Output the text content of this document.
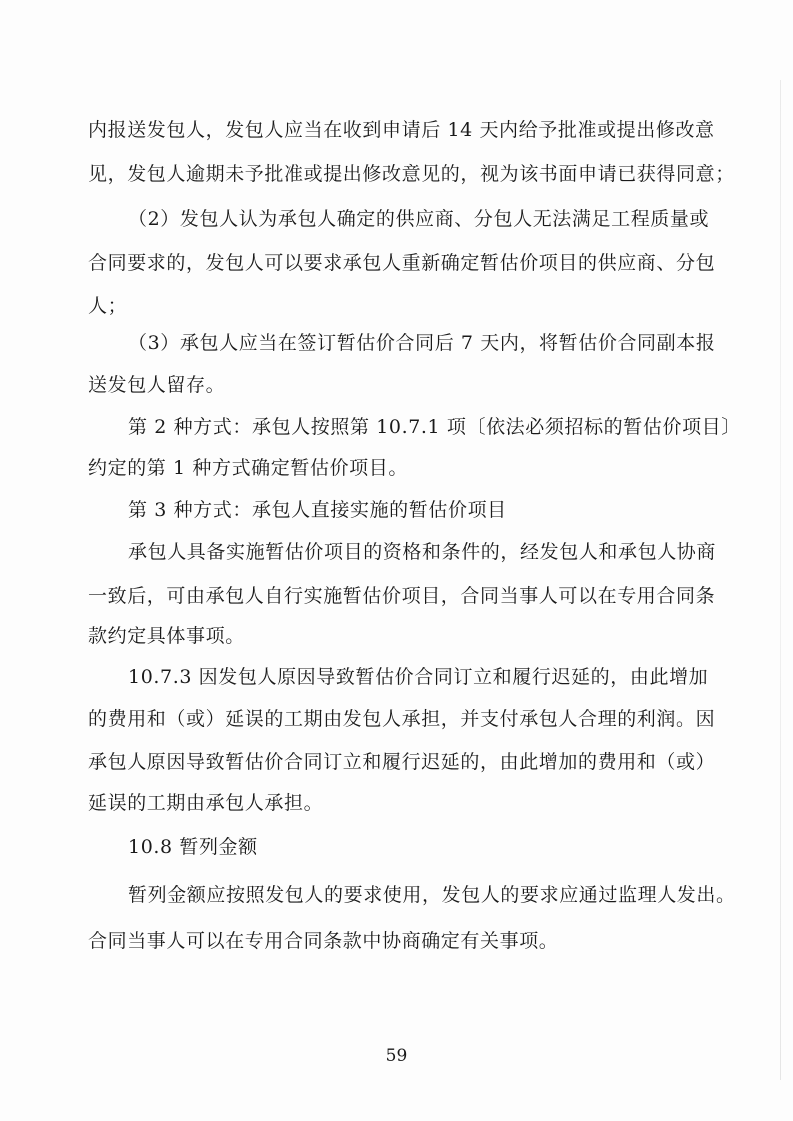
内报送发包人，发包人应当在收到申请后 14 天内给予批准或提出修改意
见，发包人逾期未予批准或提出修改意见的，视为该书面申请已获得同意；
（2）发包人认为承包人确定的供应商、分包人无法满足工程质量或
合同要求的，发包人可以要求承包人重新确定暂估价项目的供应商、分包
人；
（3）承包人应当在签订暂估价合同后 7 天内，将暂估价合同副本报
送发包人留存。
第 2 种方式：承包人按照第 10.7.1 项〔依法必须招标的暂估价项目〕
约定的第 1 种方式确定暂估价项目。
第 3 种方式：承包人直接实施的暂估价项目
承包人具备实施暂估价项目的资格和条件的，经发包人和承包人协商
一致后，可由承包人自行实施暂估价项目，合同当事人可以在专用合同条
款约定具体事项。
10.7.3 因发包人原因导致暂估价合同订立和履行迟延的，由此增加
的费用和（或）延误的工期由发包人承担，并支付承包人合理的利润。因
承包人原因导致暂估价合同订立和履行迟延的，由此增加的费用和（或）
延误的工期由承包人承担。
10.8 暂列金额
暂列金额应按照发包人的要求使用，发包人的要求应通过监理人发出。
合同当事人可以在专用合同条款中协商确定有关事项。
59
